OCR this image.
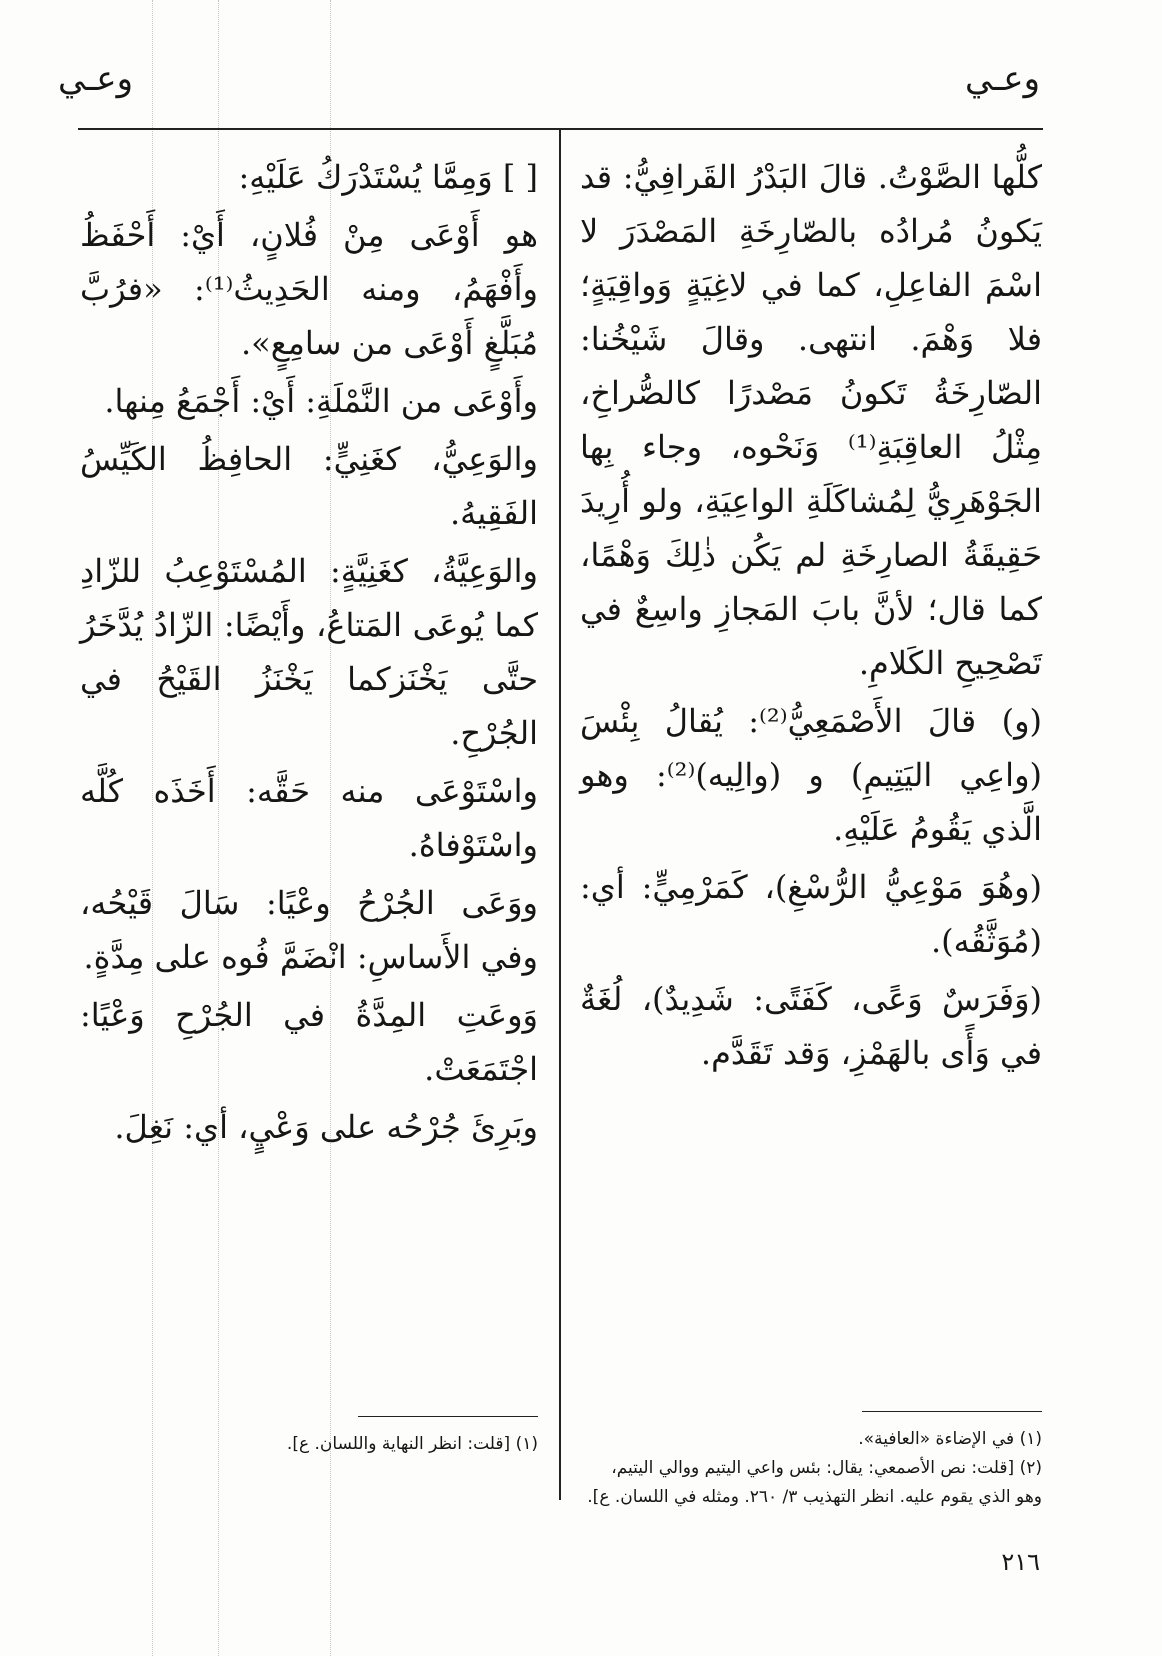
وعـي
وعـي

كلُّها الصَّوْتُ. قالَ البَدْرُ القَرافِيُّ: قد يَكونُ مُرادُه بالصّارِخَةِ المَصْدَرَ لا اسْمَ الفاعِلِ، كما في لاغِيَةٍ وَواقِيَةٍ؛ فلا وَهْمَ. انتهى. وقالَ شَيْخُنا: الصّارِخَةُ تَكونُ مَصْدرًا كالصُّراخِ، مِثْلُ العاقِبَةِ⁽¹⁾ وَنَحْوه، وجاء بِها الجَوْهَرِيُّ لِمُشاكَلَةِ الواعِيَةِ، ولو أُرِيدَ حَقِيقَةُ الصارِخَةِ لم يَكُن ذٰلِكَ وَهْمًا، كما قال؛ لأنَّ بابَ المَجازِ واسِعٌ في تَصْحِيحِ الكَلامِ.

(و) قالَ الأَصْمَعِيُّ⁽²⁾: يُقالُ بِئْسَ (واعِي اليَتِيمِ) و (والِيه)⁽²⁾: وهو الَّذي يَقُومُ عَلَيْهِ.

(وهُوَ مَوْعِيُّ الرُّسْغِ)، كَمَرْمِيٍّ: أي: (مُوَثَّقُه).

(وَفَرَسٌ وَعًى، كَفَتًى: شَدِيدٌ)، لُغَةٌ في وَأًى بالهَمْزِ، وَقد تَقَدَّم.

[ ] وَمِمَّا يُسْتَدْرَكُ عَلَيْهِ:

هو أَوْعَى مِنْ فُلانٍ، أَيْ: أَحْفَظُ وأَفْهَمُ، ومنه الحَدِيثُ⁽¹⁾: «فرُبَّ مُبَلَّغٍ أَوْعَى من سامِعٍ».

وأَوْعَى من النَّمْلَةِ: أَيْ: أَجْمَعُ مِنها.

والوَعِيُّ، كغَنِيٍّ: الحافِظُ الكَيِّسُ الفَقِيهُ.

والوَعِيَّةُ، كغَنِيَّةٍ: المُسْتَوْعِبُ للزّادِ كما يُوعَى المَتاعُ، وأَيْضًا: الزّادُ يُدَّخَرُ حتَّى يَخْنَزكما يَخْنَزُ القَيْحُ في الجُرْحِ.

واسْتَوْعَى منه حَقَّه: أَخَذَه كُلَّه واسْتَوْفاهُ.

ووَعَى الجُرْحُ وعْيًا: سَالَ قَيْحُه، وفي الأَساسِ: انْضَمَّ فُوه على مِدَّةٍ.

وَوعَتِ المِدَّةُ في الجُرْحِ وَعْيًا: اجْتَمَعَتْ.

وبَرِئَ جُرْحُه على وَعْيٍ، أي: نَغِلَ.

(١) في الإضاءة «العافية».

(٢) [قلت: نص الأصمعي: يقال: بئس واعي اليتيم ووالي اليتيم، وهو الذي يقوم عليه. انظر التهذيب ٣/ ٢٦٠. ومثله في اللسان. ع].

(١) [قلت: انظر النهاية واللسان. ع].

٢١٦
